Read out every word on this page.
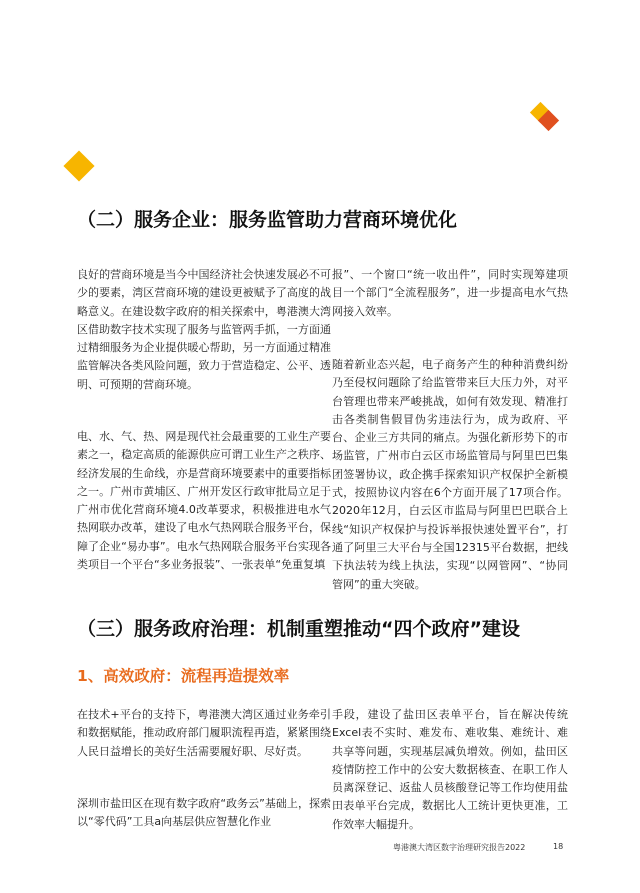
（二）服务企业：服务监管助力营商环境优化

良好的营商环境是当今中国经济社会快速发展必不可少的要素，湾区营商环境的建设更被赋予了高度的战略意义。在建设数字政府的相关探索中，粤港澳大湾区借助数字技术实现了服务与监管两手抓，一方面通过精细服务为企业提供暖心帮助，另一方面通过精准监管解决各类风险问题，致力于营造稳定、公平、透明、可预期的营商环境。

电、水、气、热、网是现代社会最重要的工业生产要素之一，稳定高质的能源供应可谓工业生产之秩序、经济发展的生命线，亦是营商环境要素中的重要指标之一。广州市黄埔区、广州开发区行政审批局立足于广州市优化营商环境4.0改革要求，积极推进电水气热网联办改革，建设了电水气热网联合服务平台，保障了企业“易办事”。电水气热网联合服务平台实现各类项目一个平台“多业务报装”、一张表单“免重复填

报”、一个窗口“统一收出件”，同时实现筹建项目一个部门“全流程服务”，进一步提高电水气热网接入效率。

随着新业态兴起，电子商务产生的种种消费纠纷乃至侵权问题除了给监管带来巨大压力外，对平台管理也带来严峻挑战，如何有效发现、精准打击各类制售假冒伪劣违法行为，成为政府、平台、企业三方共同的痛点。为强化新形势下的市场监管，广州市白云区市场监管局与阿里巴巴集团签署协议，政企携手探索知识产权保护全新模式，按照协议内容在6个方面开展了17项合作。2020年12月，白云区市监局与阿里巴巴联合上线“知识产权保护与投诉举报快速处置平台”，打通了阿里三大平台与全国12315平台数据，把线下执法转为线上执法，实现“以网管网”、“协同管网”的重大突破。

（三）服务政府治理：机制重塑推动“四个政府”建设
1、高效政府：流程再造提效率

在技术+平台的支持下，粤港澳大湾区通过业务牵引和数据赋能，推动政府部门履职流程再造，紧紧围绕人民日益增长的美好生活需要履好职、尽好责。

深圳市盐田区在现有数字政府“政务云”基础上，探索以“零代码”工具a向基层供应智慧化作业

手段，建设了盐田区表单平台，旨在解决传统Excel表不实时、难发布、难收集、难统计、难共享等问题，实现基层减负增效。例如，盐田区疫情防控工作中的公安大数据核查、在职工作人员离深登记、返盐人员核酸登记等工作均使用盐田表单平台完成，数据比人工统计更快更准，工作效率大幅提升。

粤港澳大湾区数字治理研究报告2022	18
